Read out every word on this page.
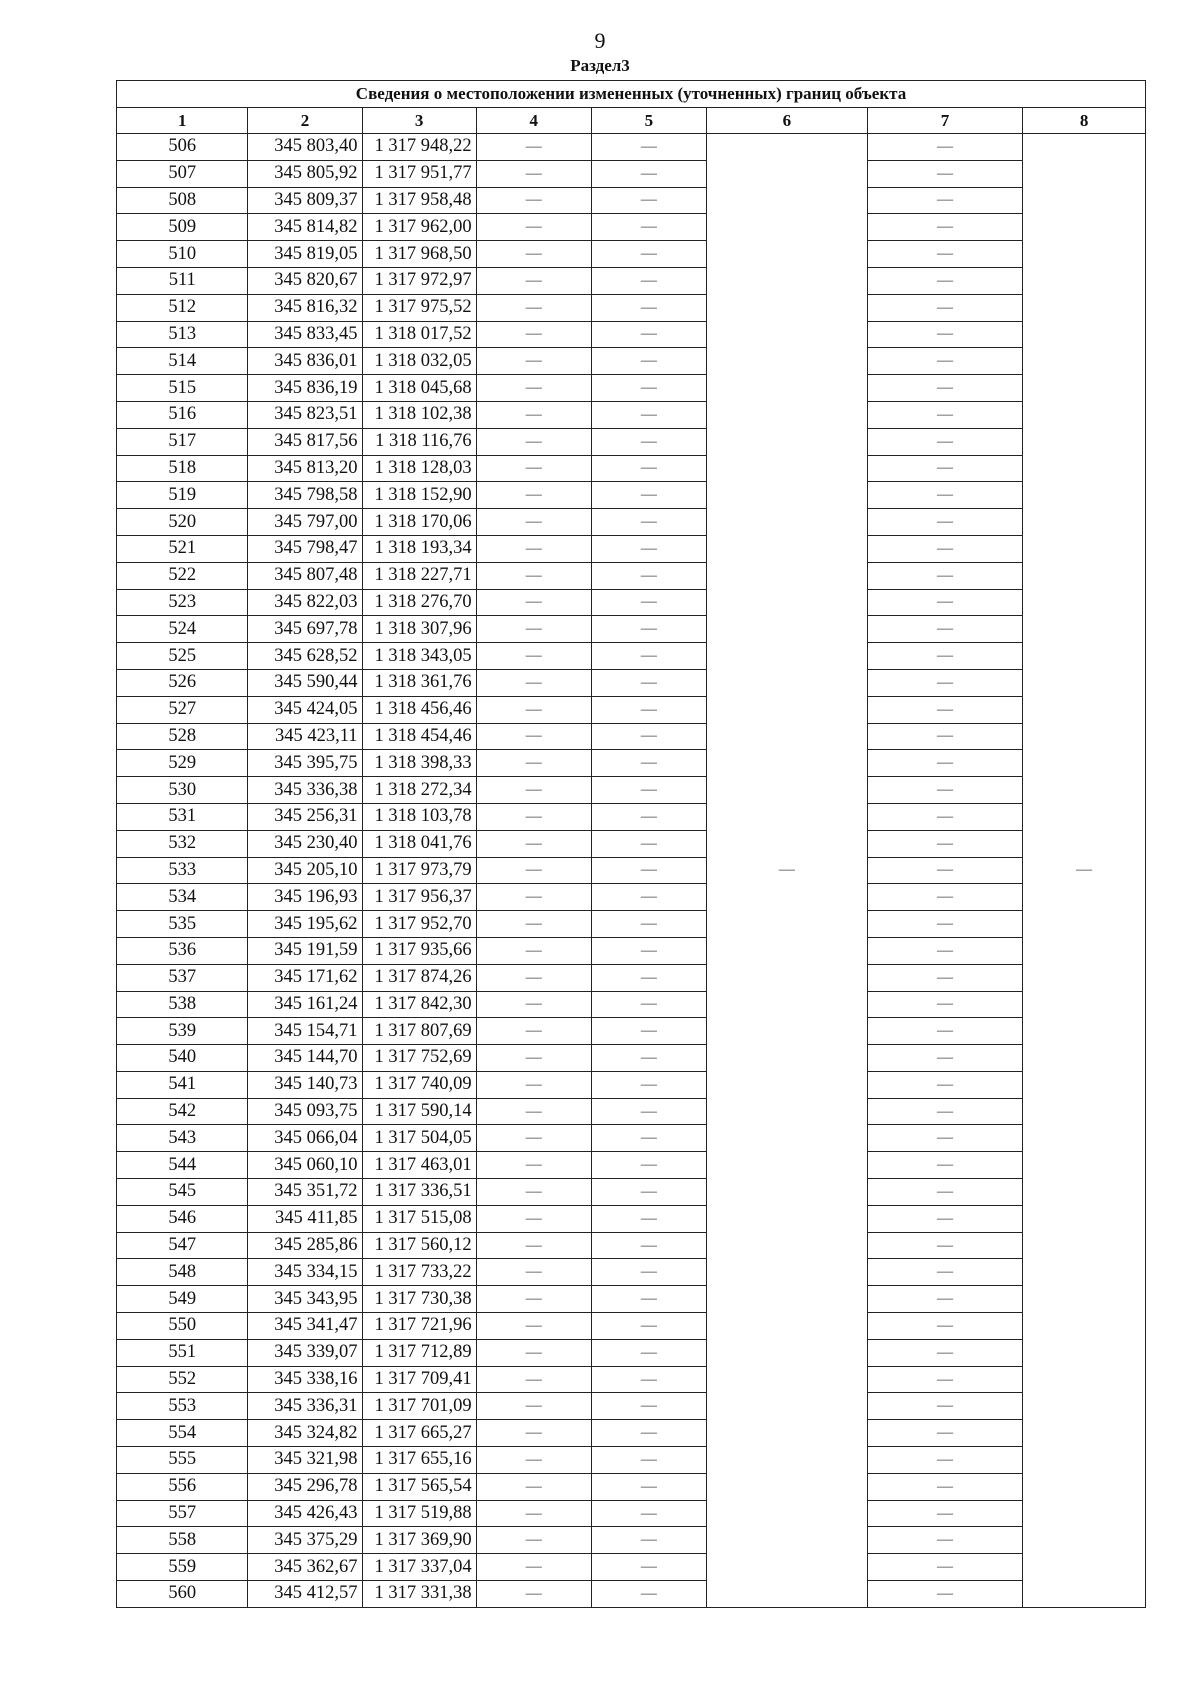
9
Раздел3
Сведения о местоположении измененных (уточненных) границ объекта							
1	2	3	4	5	6	7	8
506	345 803,40	1 317 948,22	—	—	—	—	—
507	345 805,92	1 317 951,77	—	—		—	
508	345 809,37	1 317 958,48	—	—		—	
509	345 814,82	1 317 962,00	—	—		—	
510	345 819,05	1 317 968,50	—	—		—	
511	345 820,67	1 317 972,97	—	—		—	
512	345 816,32	1 317 975,52	—	—		—	
513	345 833,45	1 318 017,52	—	—		—	
514	345 836,01	1 318 032,05	—	—		—	
515	345 836,19	1 318 045,68	—	—		—	
516	345 823,51	1 318 102,38	—	—		—	
517	345 817,56	1 318 116,76	—	—		—	
518	345 813,20	1 318 128,03	—	—		—	
519	345 798,58	1 318 152,90	—	—		—	
520	345 797,00	1 318 170,06	—	—		—	
521	345 798,47	1 318 193,34	—	—		—	
522	345 807,48	1 318 227,71	—	—		—	
523	345 822,03	1 318 276,70	—	—		—	
524	345 697,78	1 318 307,96	—	—		—	
525	345 628,52	1 318 343,05	—	—		—	
526	345 590,44	1 318 361,76	—	—		—	
527	345 424,05	1 318 456,46	—	—		—	
528	345 423,11	1 318 454,46	—	—		—	
529	345 395,75	1 318 398,33	—	—		—	
530	345 336,38	1 318 272,34	—	—		—	
531	345 256,31	1 318 103,78	—	—		—	
532	345 230,40	1 318 041,76	—	—		—	
533	345 205,10	1 317 973,79	—	—		—	
534	345 196,93	1 317 956,37	—	—		—	
535	345 195,62	1 317 952,70	—	—		—	
536	345 191,59	1 317 935,66	—	—		—	
537	345 171,62	1 317 874,26	—	—		—	
538	345 161,24	1 317 842,30	—	—		—	
539	345 154,71	1 317 807,69	—	—		—	
540	345 144,70	1 317 752,69	—	—		—	
541	345 140,73	1 317 740,09	—	—		—	
542	345 093,75	1 317 590,14	—	—		—	
543	345 066,04	1 317 504,05	—	—		—	
544	345 060,10	1 317 463,01	—	—		—	
545	345 351,72	1 317 336,51	—	—		—	
546	345 411,85	1 317 515,08	—	—		—	
547	345 285,86	1 317 560,12	—	—		—	
548	345 334,15	1 317 733,22	—	—		—	
549	345 343,95	1 317 730,38	—	—		—	
550	345 341,47	1 317 721,96	—	—		—	
551	345 339,07	1 317 712,89	—	—		—	
552	345 338,16	1 317 709,41	—	—		—	
553	345 336,31	1 317 701,09	—	—		—	
554	345 324,82	1 317 665,27	—	—		—	
555	345 321,98	1 317 655,16	—	—		—	
556	345 296,78	1 317 565,54	—	—		—	
557	345 426,43	1 317 519,88	—	—		—	
558	345 375,29	1 317 369,90	—	—		—	
559	345 362,67	1 317 337,04	—	—		—	
560	345 412,57	1 317 331,38	—	—		—	
